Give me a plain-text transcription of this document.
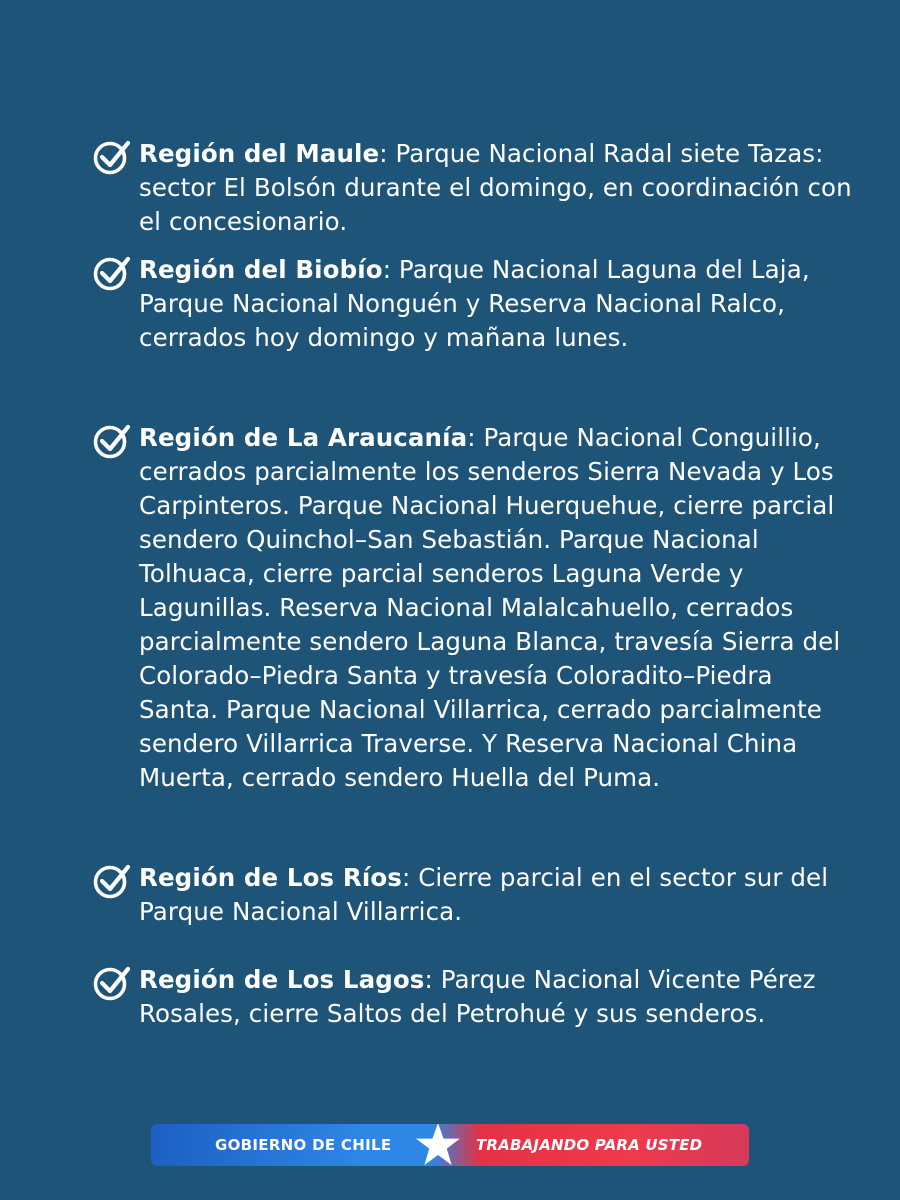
Región del Maule: Parque Nacional Radal siete Tazas: sector El Bolsón durante el domingo, en coordinación con el concesionario.
Región del Biobío: Parque Nacional Laguna del Laja, Parque Nacional Nonguén y Reserva Nacional Ralco, cerrados hoy domingo y mañana lunes.
Región de La Araucanía: Parque Nacional Conguillio, cerrados parcialmente los senderos Sierra Nevada y Los Carpinteros. Parque Nacional Huerquehue, cierre parcial sendero Quinchol–San Sebastián. Parque Nacional Tolhuaca, cierre parcial senderos Laguna Verde y Lagunillas. Reserva Nacional Malalcahuello, cerrados parcialmente sendero Laguna Blanca, travesía Sierra del Colorado–Piedra Santa y travesía Coloradito–Piedra Santa. Parque Nacional Villarrica, cerrado parcialmente sendero Villarrica Traverse. Y Reserva Nacional China Muerta, cerrado sendero Huella del Puma.
Región de Los Ríos: Cierre parcial en el sector sur del Parque Nacional Villarrica.
Región de Los Lagos: Parque Nacional Vicente Pérez Rosales, cierre Saltos del Petrohué y sus senderos.
GOBIERNO DE CHILE	TRABAJANDO PARA USTED
